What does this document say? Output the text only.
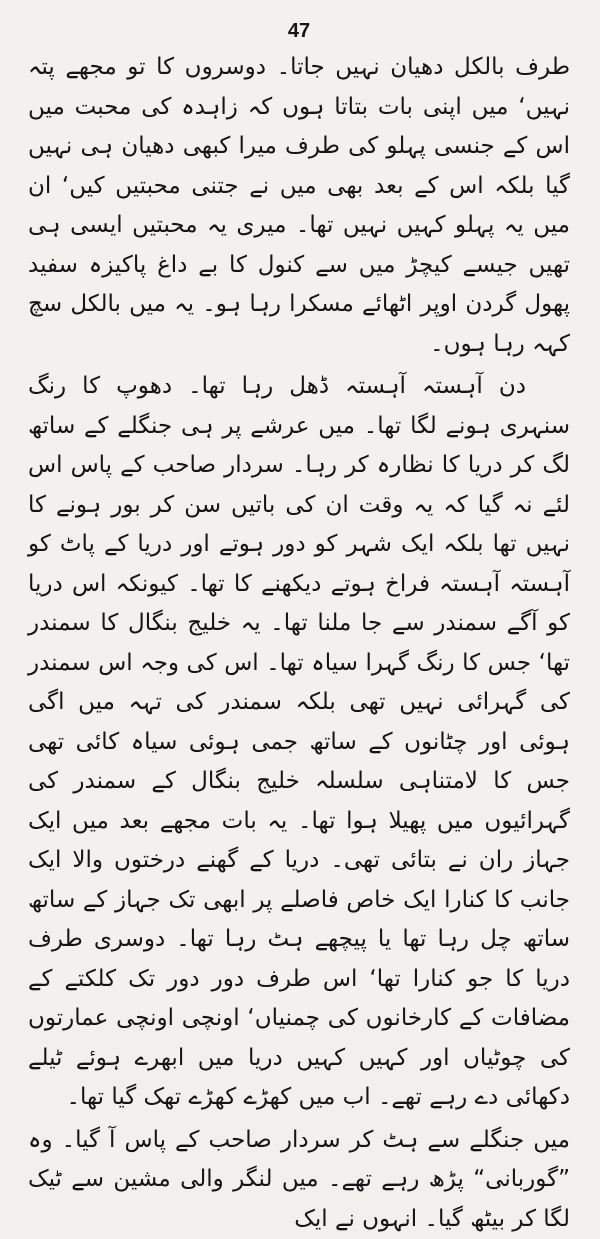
47

طرف بالکل دھیان نہیں جاتا۔ دوسروں کا تو مجھے پتہ نہیں‘ میں اپنی بات بتاتا ہوں کہ زاہدہ کی محبت میں اس کے جنسی پہلو کی طرف میرا کبھی دھیان ہی نہیں گیا بلکہ اس کے بعد بھی میں نے جتنی محبتیں کیں‘ ان میں یہ پہلو کہیں نہیں تھا۔ میری یہ محبتیں ایسی ہی تھیں جیسے کیچڑ میں سے کنول کا بے داغ پاکیزہ سفید پھول گردن اوپر اٹھائے مسکرا رہا ہو۔ یہ میں بالکل سچ کہہ رہا ہوں۔

دن آہستہ آہستہ ڈھل رہا تھا۔ دھوپ کا رنگ سنہری ہونے لگا تھا۔ میں عرشے پر ہی جنگلے کے ساتھ لگ کر دریا کا نظارہ کر رہا۔ سردار صاحب کے پاس اس لئے نہ گیا کہ یہ وقت ان کی باتیں سن کر بور ہونے کا نہیں تھا بلکہ ایک شہر کو دور ہوتے اور دریا کے پاٹ کو آہستہ آہستہ فراخ ہوتے دیکھنے کا تھا۔ کیونکہ اس دریا کو آگے سمندر سے جا ملنا تھا۔ یہ خلیج بنگال کا سمندر تھا‘ جس کا رنگ گہرا سیاہ تھا۔ اس کی وجہ اس سمندر کی گہرائی نہیں تھی بلکہ سمندر کی تہہ میں اگی ہوئی اور چٹانوں کے ساتھ جمی ہوئی سیاہ کائی تھی جس کا لامتناہی سلسلہ خلیج بنگال کے سمندر کی گہرائیوں میں پھیلا ہوا تھا۔ یہ بات مجھے بعد میں ایک جہاز ران نے بتائی تھی۔ دریا کے گھنے درختوں والا ایک جانب کا کنارا ایک خاص فاصلے پر ابھی تک جہاز کے ساتھ ساتھ چل رہا تھا یا پیچھے ہٹ رہا تھا۔ دوسری طرف دریا کا جو کنارا تھا‘ اس طرف دور دور تک کلکتے کے مضافات کے کارخانوں کی چمنیاں‘ اونچی اونچی عمارتوں کی چوٹیاں اور کہیں کہیں دریا میں ابھرے ہوئے ٹیلے دکھائی دے رہے تھے۔ اب میں کھڑے کھڑے تھک گیا تھا۔

میں جنگلے سے ہٹ کر سردار صاحب کے پاس آ گیا۔ وہ ”گوربانی“ پڑھ رہے تھے۔ میں لنگر والی مشین سے ٹیک لگا کر بیٹھ گیا۔ انہوں نے ایک
